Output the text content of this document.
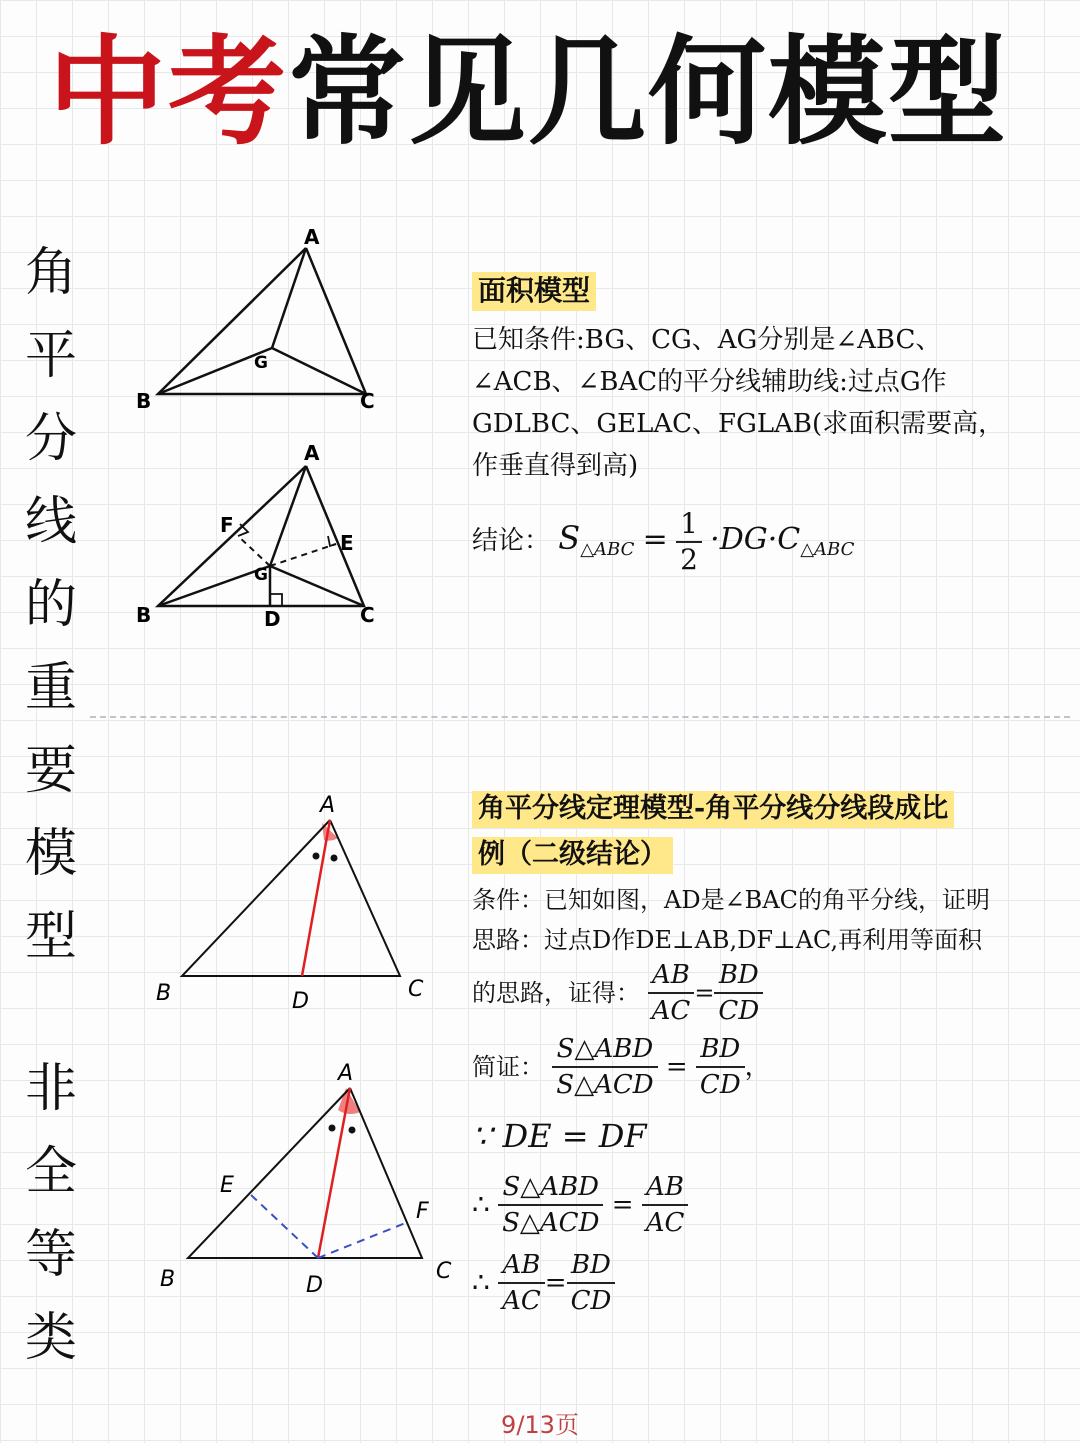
中考常见几何模型
角
平
分
线
的
重
要
模
型
非
全
等
类
A
B	C
G
A
B	C
G
F
E
D
面积模型
已知条件:BG、CG、AG分别是∠ABC、
∠ACB、∠BAC的平分线辅助线:过点G作
GDLBC、GELAC、FGLAB(求面积需要高，
作垂直得到高)
结论： $S_{\triangle ABC} = \frac{1}{2} \cdot DG\cdot C_{\triangle ABC}$
A
B	C
D
A
B	C
D
E
F
角平分线定理模型-角平分线分线段成比
例（二级结论）
条件：已知如图，AD是∠BAC的角平分线，证明
思路：过点D作DE⊥AB,DF⊥AC,再利用等面积
的思路，证得： $\frac{AB}{AC} = \frac{BD}{CD}$
简证： $\frac{\text{S△ABD}}{\text{S△ACD}} = \frac{BD}{CD}$ ，
∵ DE = DF
∴ $\frac{\text{S△ABD}}{\text{S△ACD}} = \frac{AB}{AC}$
∴ $\frac{AB}{AC} = \frac{BD}{CD}$
9/13页
